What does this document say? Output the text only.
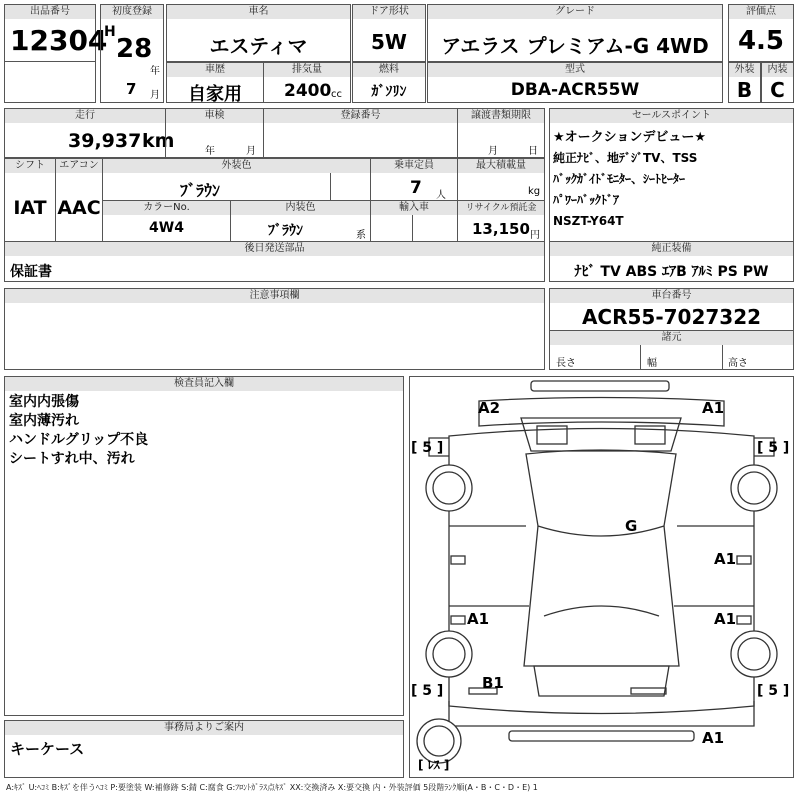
出品番号
12304
初度登録
H
28
年
7 月
車名
エスティマ
ドア形状
5W
グレード
アエラス プレミアム-G 4WD
評価点
4.5
車歴
自家用
排気量
2400 cc
燃料
ｶﾞｿﾘﾝ
型式
DBA-ACR55W
外装
B
内装
C
走行
39,937 km
車検
年	月
登録番号	譲渡書類期限
月	日
シフト
IAT
エアコン
AAC
外装色
ﾌﾞﾗｳﾝ
乗車定員
7 人
最大積載量
kg
カラーNo.
4W4
内装色
ﾌﾞﾗｳﾝ	系
輸入車	リサイクル預託金
13,150 円
後日発送部品
保証書
セールスポイント
★オークションデビュー★
純正ﾅﾋﾞ、地ﾃﾞｼﾞTV、TSS
ﾊﾞｯｸｶﾞｲﾄﾞﾓﾆﾀｰ、ｼｰﾄﾋｰﾀｰ
ﾊﾟﾜｰﾊﾞｯｸﾄﾞｱ
NSZT-Y64T
純正装備
ﾅﾋﾞ TV ABS ｴｱB ｱﾙﾐ PS PW
注意事項欄	車台番号
ACR55-7027322
諸元
長さ	幅	高さ
検査員記入欄
室内内張傷
室内薄汚れ
ハンドルグリップ不良
シートすれ中、汚れ
事務局よりご案内
キーケース
A2	A1
G
A1
A1	A1
B1
A1
[ 5 ]	[ 5 ]
[ 5 ]	[ 5 ]
[ ﾚｽ ]
A:ｷｽﾞ U:ﾍｺﾐ B:ｷｽﾞを伴うﾍｺﾐ P:要塗装 W:補修跡 S:錆 C:腐食 G:ﾌﾛﾝﾄｶﾞﾗｽ点ｷｽﾞ XX:交換済み X:要交換 内・外装評価 5段階ﾗﾝｸ順(A・B・C・D・E) 1
